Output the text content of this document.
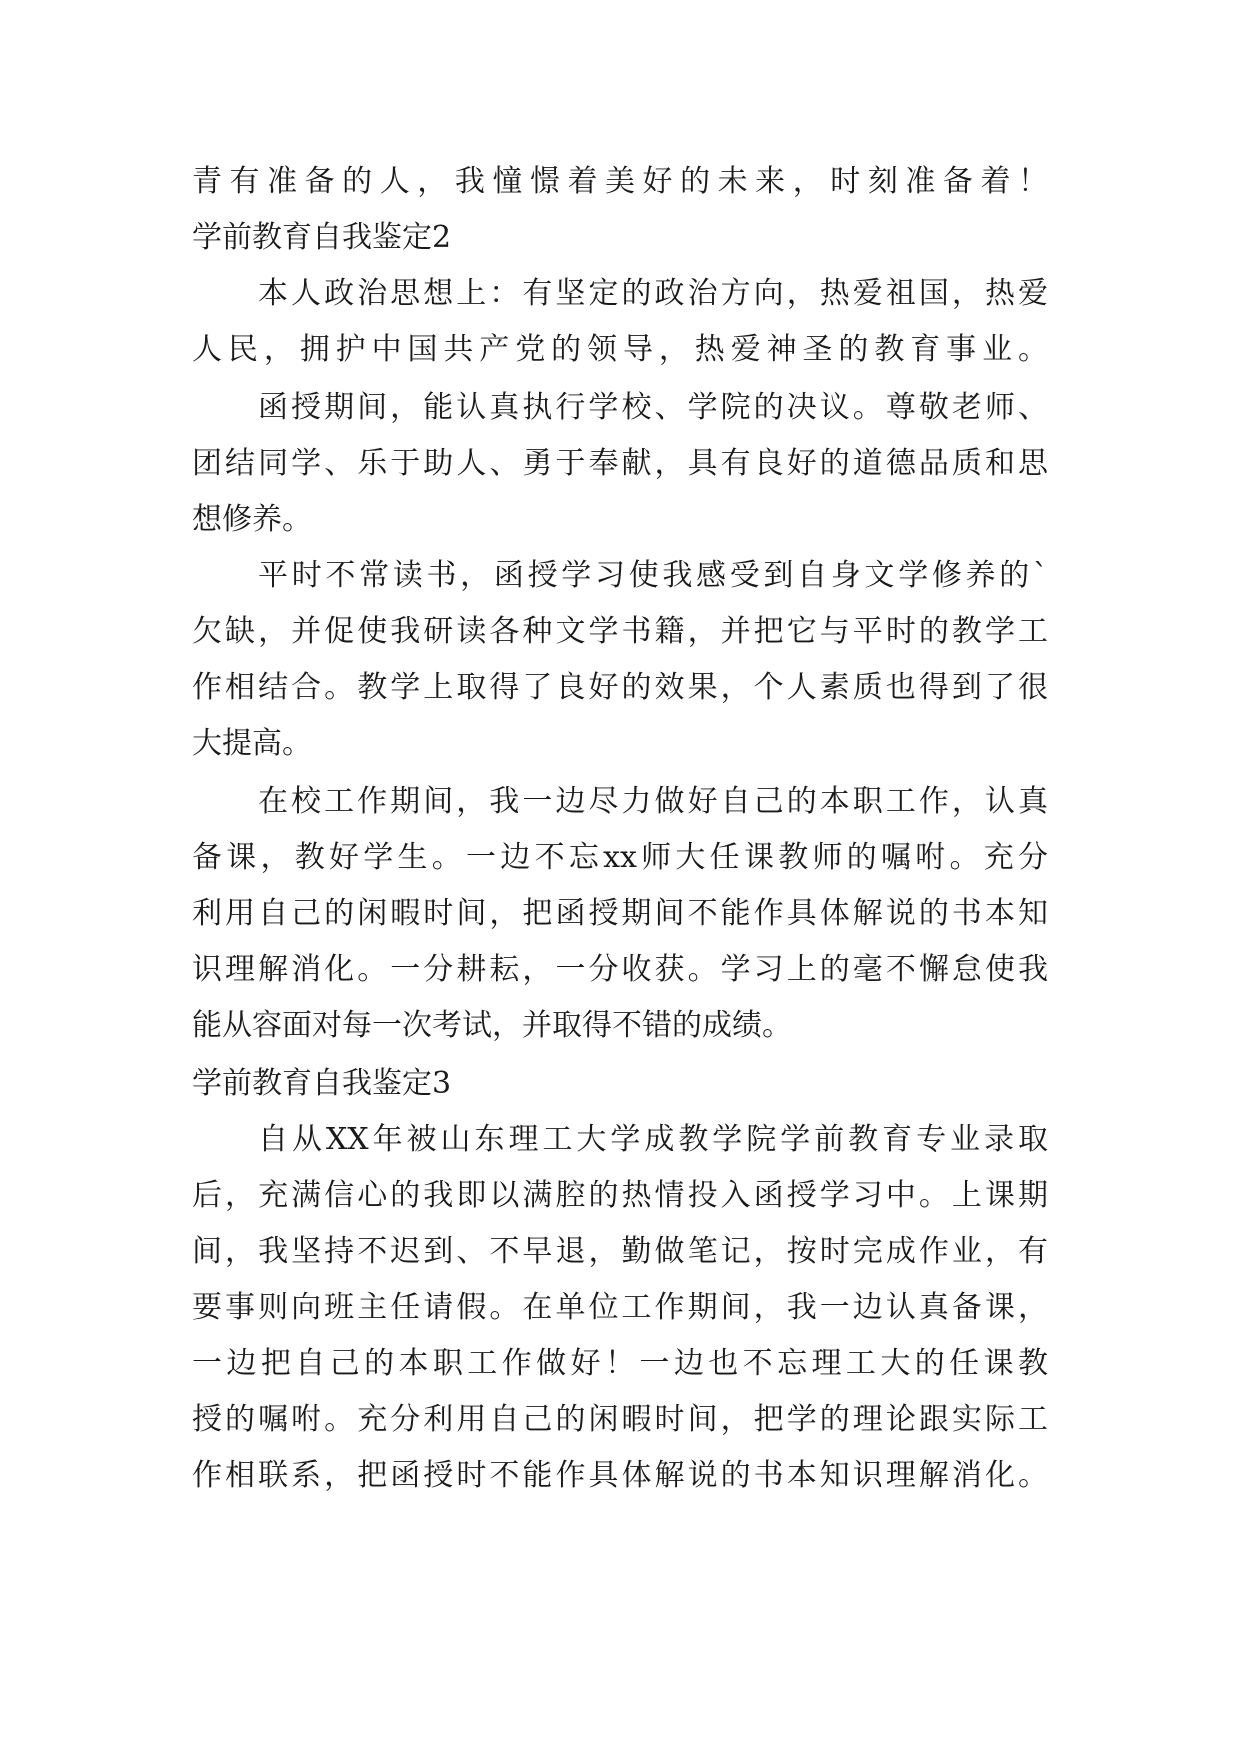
青有准备的人，我憧憬着美好的未来，时刻准备着！
学前教育自我鉴定2
本人政治思想上：有坚定的政治方向，热爱祖国，热爱
人民，拥护中国共产党的领导，热爱神圣的教育事业。
函授期间，能认真执行学校、学院的决议。尊敬老师、
团结同学、乐于助人、勇于奉献，具有良好的道德品质和思
想修养。
平时不常读书，函授学习使我感受到自身文学修养的`
欠缺，并促使我研读各种文学书籍，并把它与平时的教学工
作相结合。教学上取得了良好的效果，个人素质也得到了很
大提高。
在校工作期间，我一边尽力做好自己的本职工作，认真
备课，教好学生。一边不忘xx师大任课教师的嘱咐。充分
利用自己的闲暇时间，把函授期间不能作具体解说的书本知
识理解消化。一分耕耘，一分收获。学习上的毫不懈怠使我
能从容面对每一次考试，并取得不错的成绩。
学前教育自我鉴定3
自从XX年被山东理工大学成教学院学前教育专业录取
后，充满信心的我即以满腔的热情投入函授学习中。上课期
间，我坚持不迟到、不早退，勤做笔记，按时完成作业，有
要事则向班主任请假。在单位工作期间，我一边认真备课，
一边把自己的本职工作做好！一边也不忘理工大的任课教
授的嘱咐。充分利用自己的闲暇时间，把学的理论跟实际工
作相联系，把函授时不能作具体解说的书本知识理解消化。
